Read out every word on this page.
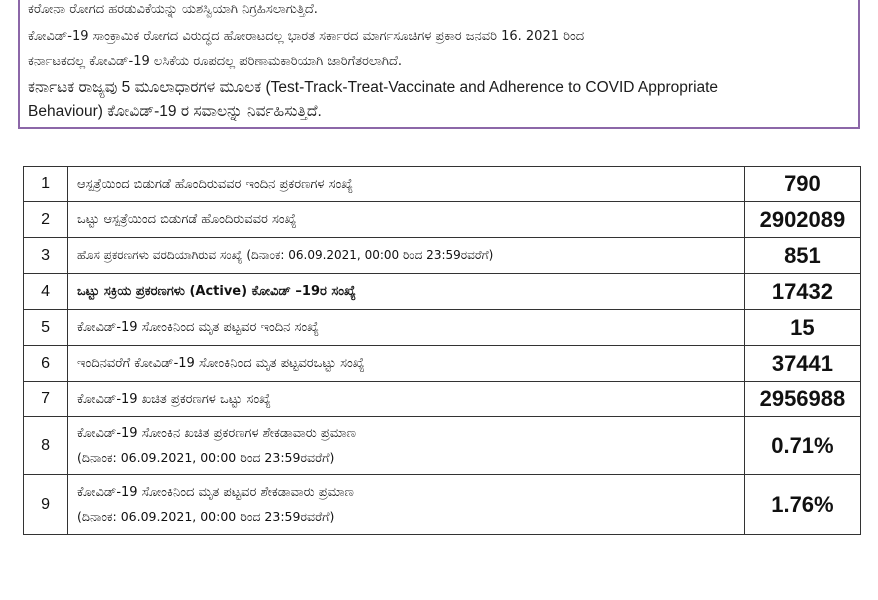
ಕರೋನಾ ರೋಗದ ಹರಡುವಿಕೆಯನ್ನು ಯಶಸ್ವಿಯಾಗಿ ನಿಗ್ರಹಿಸಲಾಗುತ್ತಿದೆ.
ಕೋವಿಡ್-19 ಸಾಂಕ್ರಾಮಿಕ ರೋಗದ ವಿರುದ್ಧದ ಹೋರಾಟದಲ್ಲ ಭಾರತ ಸರ್ಕಾರದ ಮಾರ್ಗಸೂಚಿಗಳ ಪ್ರಕಾರ ಜನವರಿ 16. 2021 ರಿಂದ
ಕರ್ನಾಟಕದಲ್ಲ ಕೋವಿಡ್-19 ಲಸಿಕೆಯ ರೂಪದಲ್ಲ ಪರಿಣಾಮಕಾರಿಯಾಗಿ ಜಾರಿಗೆತರಲಾಗಿದೆ.
ಕರ್ನಾಟಕ ರಾಜ್ಯವು 5 ಮೂಲಾಧಾರಗಳ ಮೂಲಕ (Test-Track-Treat-Vaccinate and Adherence to COVID Appropriate
Behaviour) ಕೋವಿಡ್-19 ರ ಸವಾಲನ್ನು ನಿರ್ವಹಿಸುತ್ತಿದೆ.
1	ಆಸ್ಪತ್ರೆಯಿಂದ ಬಿಡುಗಡೆ ಹೊಂದಿರುವವರ ಇಂದಿನ ಪ್ರಕರಣಗಳ ಸಂಖ್ಯೆ	790
2	ಒಟ್ಟು ಆಸ್ಪತ್ರೆಯಿಂದ ಬಿಡುಗಡೆ ಹೊಂದಿರುವವರ ಸಂಖ್ಯೆ	2902089
3	ಹೊಸ ಪ್ರಕರಣಗಳು ವರದಿಯಾಗಿರುವ ಸಂಖ್ಯೆ (ದಿನಾಂಕ: 06.09.2021, 00:00 ರಿಂದ 23:59ರವರೆಗೆ)	851
4	ಒಟ್ಟು ಸಕ್ರಿಯ ಪ್ರಕರಣಗಳು (Active) ಕೋವಿಡ್ –19ರ ಸಂಖ್ಯೆ	17432
5	ಕೋವಿಡ್-19 ಸೋಂಕಿನಿಂದ ಮೃತ ಪಟ್ಟವರ ಇಂದಿನ ಸಂಖ್ಯೆ	15
6	ಇಂದಿನವರೆಗೆ ಕೋವಿಡ್-19 ಸೋಂಕಿನಿಂದ ಮೃತ ಪಟ್ಟವರಒಟ್ಟು ಸಂಖ್ಯೆ	37441
7	ಕೋವಿಡ್-19 ಖಚಿತ ಪ್ರಕರಣಗಳ ಒಟ್ಟು ಸಂಖ್ಯೆ	2956988
8	ಕೋವಿಡ್-19 ಸೋಂಕಿನ ಖಚಿತ ಪ್ರಕರಣಗಳ ಶೇಕಡಾವಾರು ಪ್ರಮಾಣ
(ದಿನಾಂಕ: 06.09.2021, 00:00 ರಿಂದ 23:59ರವರೆಗೆ)	0.71%
9	ಕೋವಿಡ್-19 ಸೋಂಕಿನಿಂದ ಮೃತ ಪಟ್ಟವರ ಶೇಕಡಾವಾರು ಪ್ರಮಾಣ
(ದಿನಾಂಕ: 06.09.2021, 00:00 ರಿಂದ 23:59ರವರೆಗೆ)	1.76%
